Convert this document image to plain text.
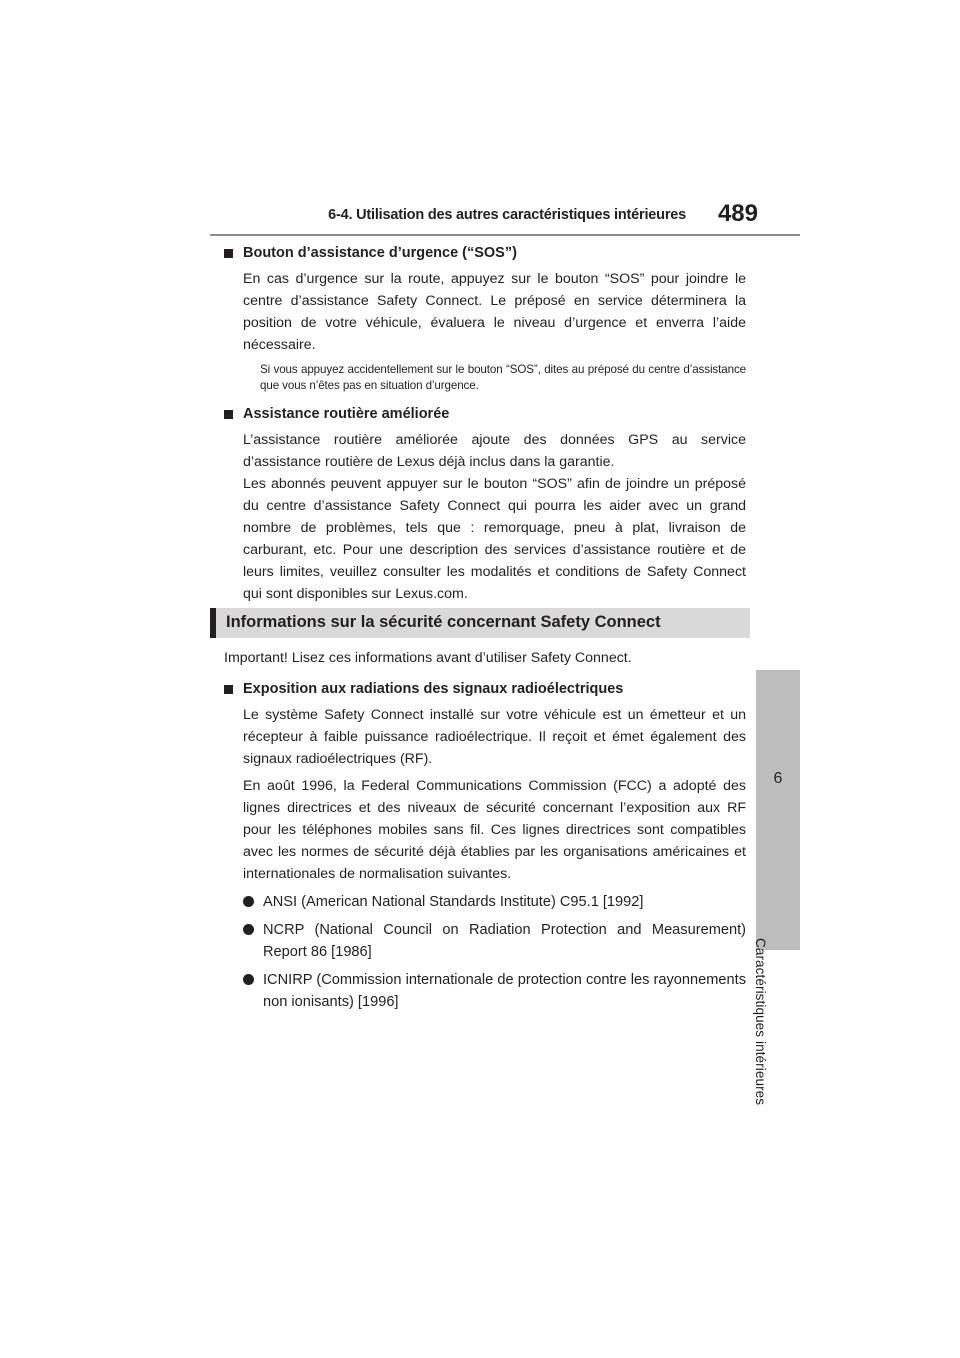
6-4. Utilisation des autres caractéristiques intérieures 489
6
Caractéristiques intérieures
Bouton d’assistance d’urgence (“SOS”)

En cas d’urgence sur la route, appuyez sur le bouton “SOS” pour joindre le centre d’assistance Safety Connect. Le préposé en service déterminera la position de votre véhicule, évaluera le niveau d’urgence et enverra l’aide nécessaire.

Si vous appuyez accidentellement sur le bouton “SOS”, dites au préposé du centre d’assistance que vous n’êtes pas en situation d’urgence.

Assistance routière améliorée

L’assistance routière améliorée ajoute des données GPS au service d’assistance routière de Lexus déjà inclus dans la garantie.

Les abonnés peuvent appuyer sur le bouton “SOS” afin de joindre un préposé du centre d’assistance Safety Connect qui pourra les aider avec un grand nombre de problèmes, tels que : remorquage, pneu à plat, livraison de carburant, etc. Pour une description des services d’assistance routière et de leurs limites, veuillez consulter les modalités et conditions de Safety Connect qui sont disponibles sur Lexus.com.

Informations sur la sécurité concernant Safety Connect

Important! Lisez ces informations avant d’utiliser Safety Connect.

Exposition aux radiations des signaux radioélectriques

Le système Safety Connect installé sur votre véhicule est un émetteur et un récepteur à faible puissance radioélectrique. Il reçoit et émet également des signaux radioélectriques (RF).

En août 1996, la Federal Communications Commission (FCC) a adopté des lignes directrices et des niveaux de sécurité concernant l’exposition aux RF pour les téléphones mobiles sans fil. Ces lignes directrices sont compatibles avec les normes de sécurité déjà établies par les organisations américaines et internationales de normalisation suivantes.

ANSI (American National Standards Institute) C95.1 [1992]
NCRP (National Council on Radiation Protection and Measurement) Report 86 [1986]
ICNIRP (Commission internationale de protection contre les rayonnements non ionisants) [1996]
